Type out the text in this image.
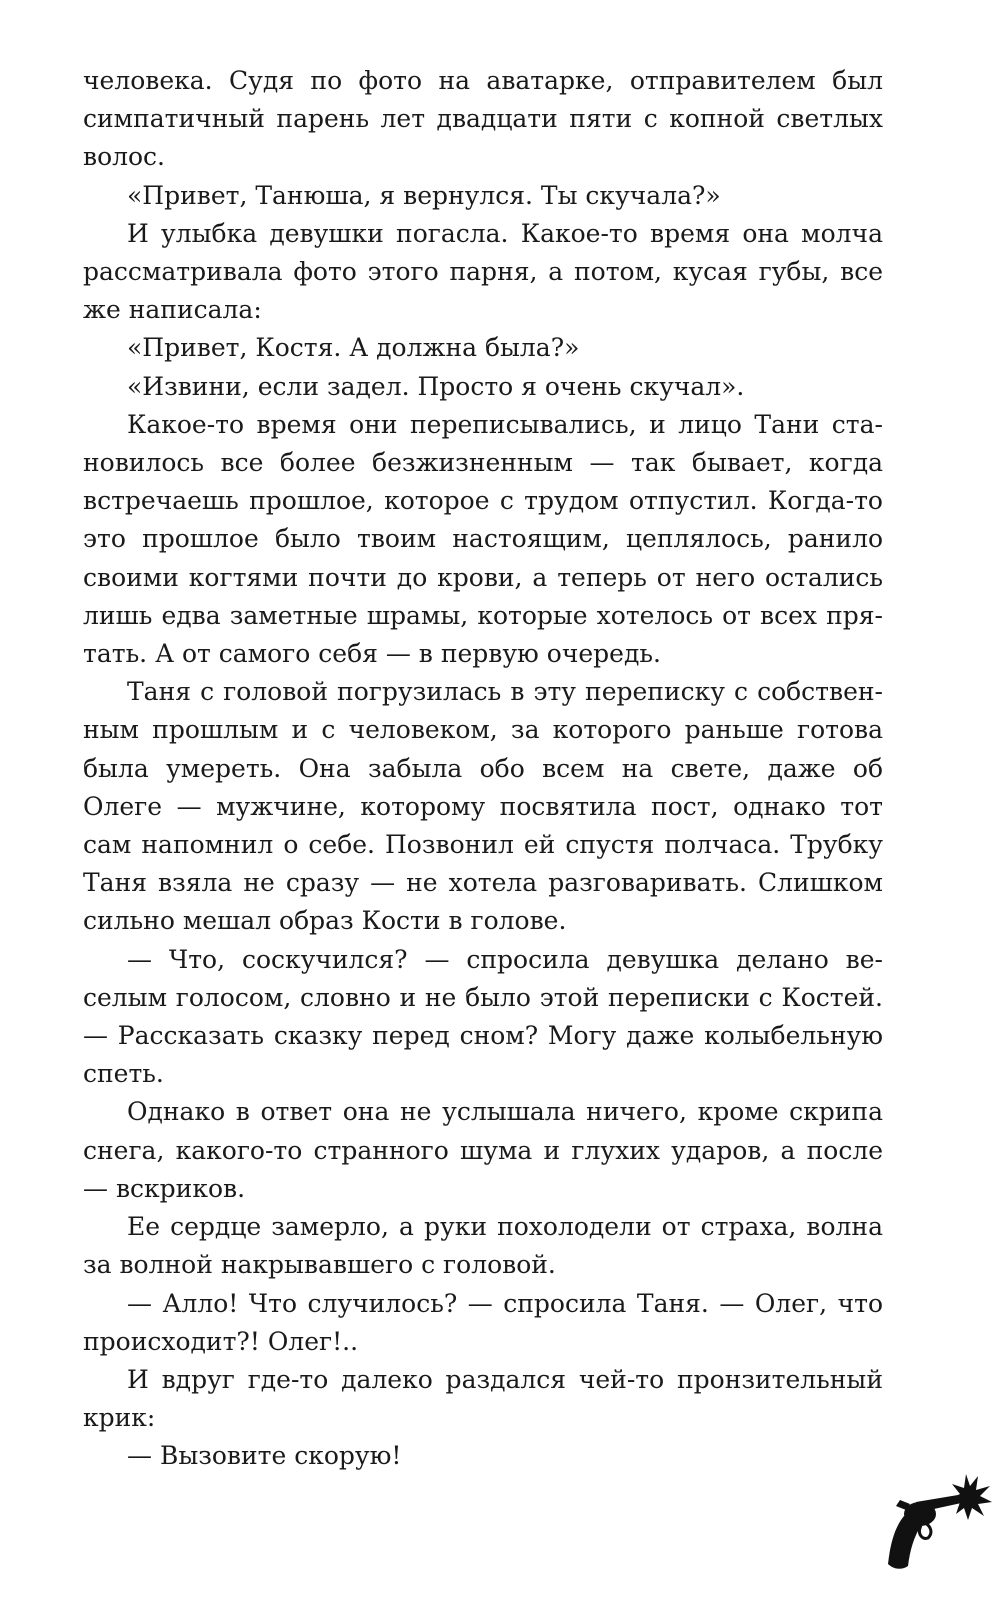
человека. Судя по фото на аватарке, отправителем был симпатичный парень лет двадцати пяти с копной светлых волос.

«Привет, Танюша, я вернулся. Ты скучала?»

И улыбка девушки погасла. Какое-то время она молча рассматривала фото этого парня, а потом, кусая губы, все же написала:

«Привет, Костя. А должна была?»

«Извини, если задел. Просто я очень скучал».

Какое-то время они переписывались, и лицо Тани становилось все более безжизненным — так бывает, когда встречаешь прошлое, которое с трудом отпустил. Когда-то это прошлое было твоим настоящим, цеплялось, ранило своими когтями почти до крови, а теперь от него остались лишь едва заметные шрамы, которые хотелось от всех прятать. А от самого себя — в первую очередь.

Таня с головой погрузилась в эту переписку с собственным прошлым и с человеком, за которого раньше готова была умереть. Она забыла обо всем на свете, даже об Олеге — мужчине, которому посвятила пост, однако тот сам напомнил о себе. Позвонил ей спустя полчаса. Трубку Таня взяла не сразу — не хотела разговаривать. Слишком сильно мешал образ Кости в голове.

— Что, соскучился? — спросила девушка делано веселым голосом, словно и не было этой переписки с Костей. — Рассказать сказку перед сном? Могу даже колыбельную спеть.

Однако в ответ она не услышала ничего, кроме скрипа снега, какого-то странного шума и глухих ударов, а после — вскриков.

Ее сердце замерло, а руки похолодели от страха, волна за волной накрывавшего с головой.

— Алло! Что случилось? — спросила Таня. — Олег, что происходит?! Олег!..

И вдруг где-то далеко раздался чей-то пронзительный крик:

— Вызовите скорую!
